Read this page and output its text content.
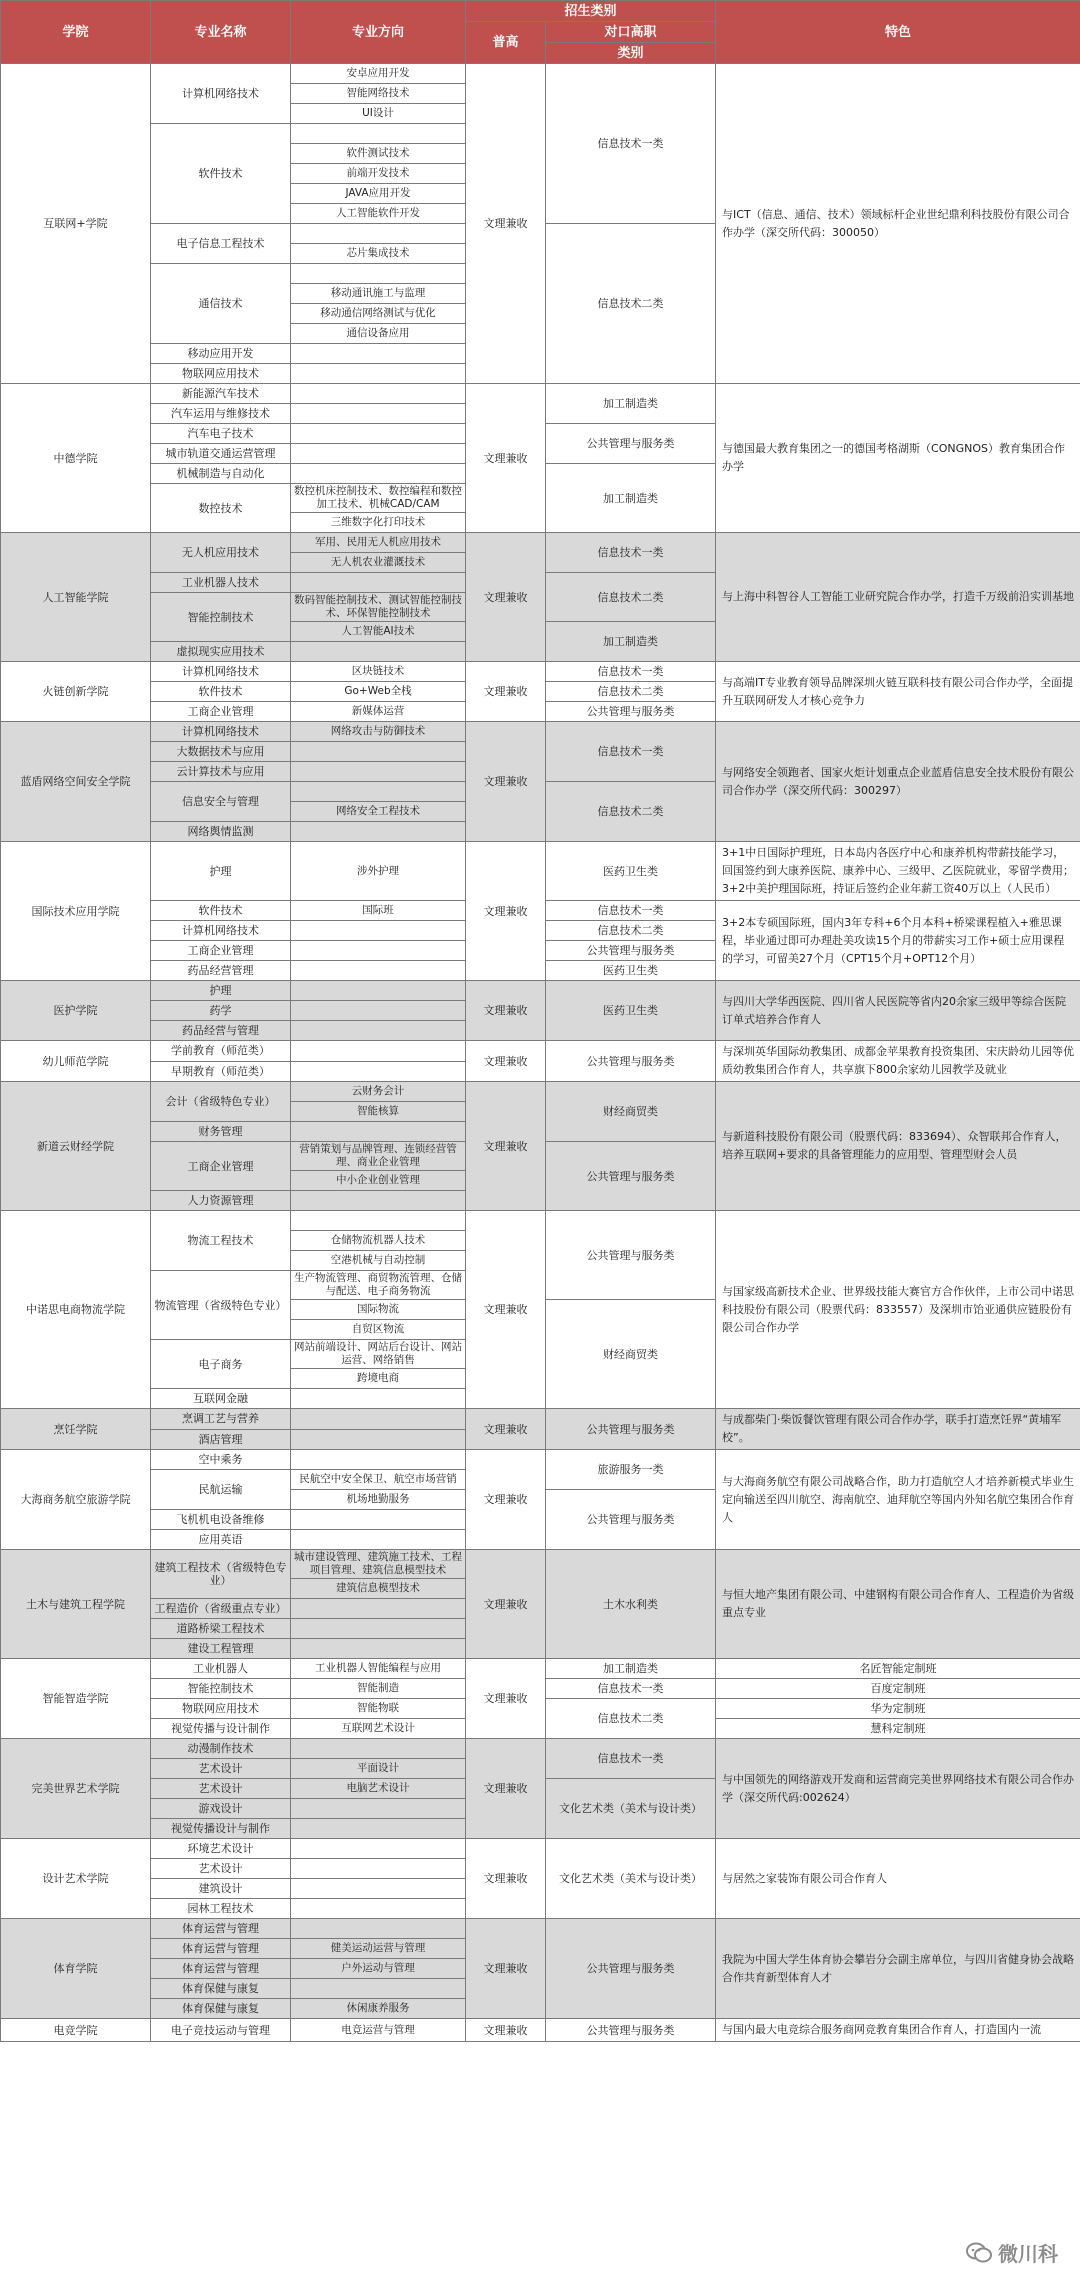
学院	专业名称	专业方向	招生类别		特色
			普高	对口高职	
				类别	
互联网+学院	计算机网络技术	安卓应用开发	文理兼收	信息技术一类	与ICT（信息、通信、技术）领域标杆企业世纪鼎利科技股份有限公司合作办学（深交所代码：300050）
		智能网络技术			
		UI设计			
	软件技术				
		软件测试技术			
		前端开发技术			
		JAVA应用开发			
		人工智能软件开发			
	电子信息工程技术			信息技术二类	
		芯片集成技术			
	通信技术				
		移动通讯施工与监理			
		移动通信网络测试与优化			
		通信设备应用			
	移动应用开发				
	物联网应用技术				
中德学院	新能源汽车技术		文理兼收	加工制造类	与德国最大教育集团之一的德国考格湖斯（CONGNOS）教育集团合作办学
	汽车运用与维修技术				
	汽车电子技术			公共管理与服务类	
	城市轨道交通运营管理				
	机械制造与自动化			加工制造类	
	数控技术	数控机床控制技术、数控编程和数控加工技术、机械CAD/CAM			
		三维数字化打印技术			
人工智能学院	无人机应用技术	军用、民用无人机应用技术	文理兼收	信息技术一类	与上海中科智谷人工智能工业研究院合作办学，打造千万级前沿实训基地
		无人机农业灌溉技术			
	工业机器人技术			信息技术二类	
	智能控制技术	数码智能控制技术、测试智能控制技术、环保智能控制技术			
		人工智能AI技术		加工制造类	
	虚拟现实应用技术				
火链创新学院	计算机网络技术	区块链技术	文理兼收	信息技术一类	与高端IT专业教育领导品牌深圳火链互联科技有限公司合作办学，全面提升互联网研发人才核心竞争力
	软件技术	Go+Web全栈		信息技术二类	
	工商企业管理	新媒体运营		公共管理与服务类	
蓝盾网络空间安全学院	计算机网络技术	网络攻击与防御技术	文理兼收	信息技术一类	与网络安全领跑者、国家火炬计划重点企业蓝盾信息安全技术股份有限公司合作办学（深交所代码：300297）
	大数据技术与应用				
	云计算技术与应用				
	信息安全与管理			信息技术二类	
		网络安全工程技术			
	网络舆情监测				
国际技术应用学院	护理	涉外护理	文理兼收	医药卫生类	3+1中日国际护理班，日本岛内各医疗中心和康养机构带薪技能学习，回国签约到大康养医院、康养中心、三级甲、乙医院就业，零留学费用；3+2中美护理国际班，持证后签约企业年薪工资40万以上（人民币）
	软件技术	国际班		信息技术一类	3+2本专硕国际班，国内3年专科+6个月本科+桥梁课程植入+雅思课程，毕业通过即可办理赴美攻读15个月的带薪实习工作+硕士应用课程的学习，可留美27个月（CPT15个月+OPT12个月）
	计算机网络技术			信息技术二类	
	工商企业管理			公共管理与服务类	
	药品经营管理			医药卫生类	
医护学院	护理		文理兼收	医药卫生类	与四川大学华西医院、四川省人民医院等省内20余家三级甲等综合医院订单式培养合作育人
	药学				
	药品经营与管理				
幼儿师范学院	学前教育（师范类）		文理兼收	公共管理与服务类	与深圳英华国际幼教集团、成都金苹果教育投资集团、宋庆龄幼儿园等优质幼教集团合作育人，共享旗下800余家幼儿园教学及就业
	早期教育（师范类）				
新道云财经学院	会计（省级特色专业）	云财务会计	文理兼收	财经商贸类	与新道科技股份有限公司（股票代码：833694）、众智联邦合作育人，培养互联网+要求的具备管理能力的应用型、管理型财会人员
		智能核算			
	财务管理				
	工商企业管理	营销策划与品牌管理、连锁经营管理、商业企业管理		公共管理与服务类	
		中小企业创业管理			
	人力资源管理				
中诺思电商物流学院	物流工程技术		文理兼收	公共管理与服务类	与国家级高新技术企业、世界级技能大赛官方合作伙伴，上市公司中诺思科技股份有限公司（股票代码：833557）及深圳市饴亚通供应链股份有限公司合作办学
		仓储物流机器人技术			
		空港机械与自动控制			
	物流管理（省级特色专业）	生产物流管理、商贸物流管理、仓储与配送、电子商务物流			
		国际物流		财经商贸类	
		自贸区物流			
	电子商务	网站前端设计、网站后台设计、网站运营、网络销售			
		跨境电商			
	互联网金融				
烹饪学院	烹调工艺与营养		文理兼收	公共管理与服务类	与成都柴门·柴饭餐饮管理有限公司合作办学，联手打造烹饪界“黄埔军校”。
	酒店管理				
大海商务航空旅游学院	空中乘务		文理兼收	旅游服务一类	与大海商务航空有限公司战略合作，助力打造航空人才培养新模式毕业生定向输送至四川航空、海南航空、迪拜航空等国内外知名航空集团合作育人
	民航运输	民航空中安全保卫、航空市场营销			
		机场地勤服务		公共管理与服务类	
	飞机机电设备维修				
	应用英语				
土木与建筑工程学院	建筑工程技术（省级特色专业）	城市建设管理、建筑施工技术、工程项目管理、建筑信息模型技术	文理兼收	土木水利类	与恒大地产集团有限公司、中建钢构有限公司合作育人、工程造价为省级重点专业
		建筑信息模型技术			
	工程造价（省级重点专业）				
	道路桥梁工程技术				
	建设工程管理				
智能智造学院	工业机器人	工业机器人智能编程与应用	文理兼收	加工制造类	名匠智能定制班
	智能控制技术	智能制造		信息技术一类	百度定制班
	物联网应用技术	智能物联		信息技术二类	华为定制班
	视觉传播与设计制作	互联网艺术设计			慧科定制班
完美世界艺术学院	动漫制作技术		文理兼收	信息技术一类	与中国领先的网络游戏开发商和运营商完美世界网络技术有限公司合作办学（深交所代码:002624）
	艺术设计	平面设计			
	艺术设计	电脑艺术设计		文化艺术类（美术与设计类）	
	游戏设计				
	视觉传播设计与制作				
设计艺术学院	环境艺术设计		文理兼收	文化艺术类（美术与设计类）	与居然之家装饰有限公司合作育人
	艺术设计				
	建筑设计				
	园林工程技术				
体育学院	体育运营与管理		文理兼收	公共管理与服务类	我院为中国大学生体育协会攀岩分会副主席单位，与四川省健身协会战略合作共育新型体育人才
	体育运营与管理	健美运动运营与管理			
	体育运营与管理	户外运动与管理			
	体育保健与康复				
	体育保健与康复	休闲康养服务			
电竞学院	电子竞技运动与管理	电竞运营与管理	文理兼收	公共管理与服务类	与国内最大电竞综合服务商网竞教育集团合作育人，打造国内一流
微川科
